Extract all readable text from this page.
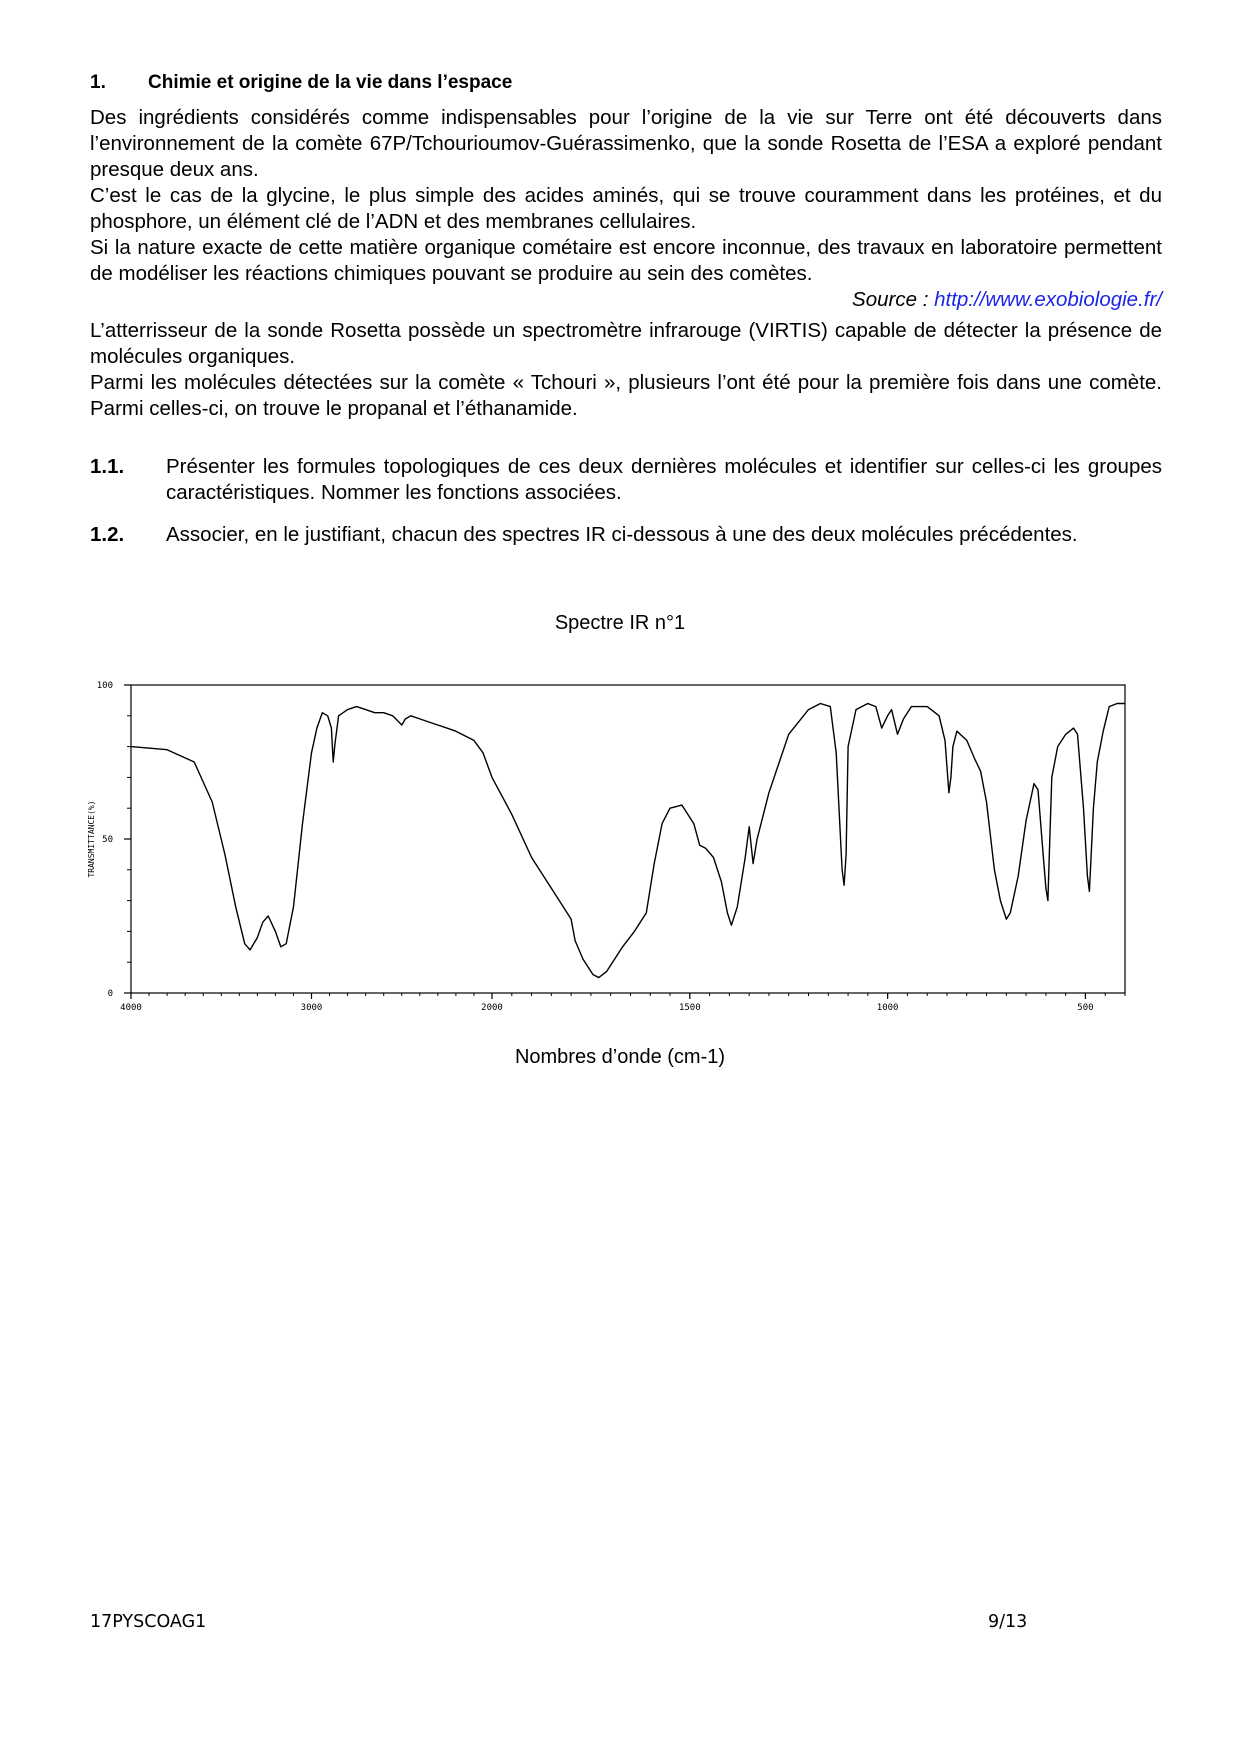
1. Chimie et origine de la vie dans l’espace

Des ingrédients considérés comme indispensables pour l’origine de la vie sur Terre ont été découverts dans l’environnement de la comète 67P/Tchourioumov-Guérassimenko, que la sonde Rosetta de l’ESA a exploré pendant presque deux ans.

C’est le cas de la glycine, le plus simple des acides aminés, qui se trouve couramment dans les protéines, et du phosphore, un élément clé de l’ADN et des membranes cellulaires.

Si la nature exacte de cette matière organique cométaire est encore inconnue, des travaux en laboratoire permettent de modéliser les réactions chimiques pouvant se produire au sein des comètes.

Source : http://www.exobiologie.fr/

L’atterrisseur de la sonde Rosetta possède un spectromètre infrarouge (VIRTIS) capable de détecter la présence de molécules organiques.

Parmi les molécules détectées sur la comète « Tchouri », plusieurs l’ont été pour la première fois dans une comète. Parmi celles-ci, on trouve le propanal et l’éthanamide.

1.1. Présenter les formules topologiques de ces deux dernières molécules et identifier sur celles-ci les groupes caractéristiques. Nommer les fonctions associées.
1.2. Associer, en le justifiant, chacun des spectres IR ci-dessous à une des deux molécules précédentes.
Spectre IR n°1
4000	3000	2000	1500	1000	500
100
50
0
TRANSMITTANCE(%)
Nombres d’onde (cm-1)
17PYSCOAG1	9/13
